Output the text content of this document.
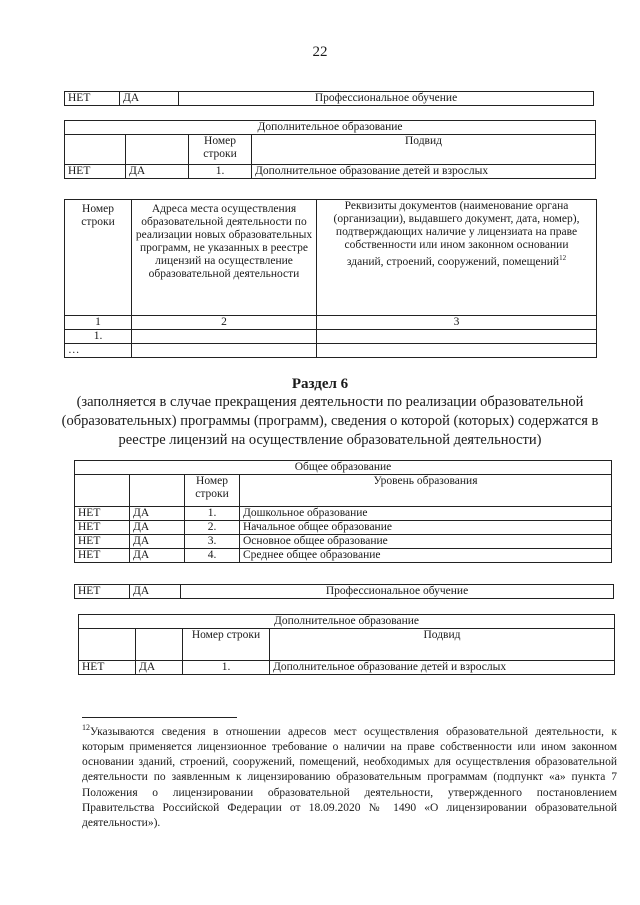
22
НЕТ	ДА	Профессиональное обучение
Дополнительное образование			
		Номер строки	Подвид
НЕТ	ДА	1.	Дополнительное образование детей и взрослых
Номер строки	Адреса места осуществления образовательной деятельности по реализации новых образовательных программ, не указанных в реестре лицензий на осуществление образовательной деятельности	Реквизиты документов (наименование органа (организации), выдавшего документ, дата, номер), подтверждающих наличие у лицензиата на праве собственности или ином законном основании зданий, строений, сооружений, помещений$^{12}$
1	2	3
1.		
…		
Раздел 6
(заполняется в случае прекращения деятельности по реализации образовательной (образовательных) программы (программ), сведения о которой (которых) содержатся в реестре лицензий на осуществление образовательной деятельности)
Общее образование			
		Номер строки	Уровень образования
НЕТ	ДА	1.	Дошкольное образование
НЕТ	ДА	2.	Начальное общее образование
НЕТ	ДА	3.	Основное общее образование
НЕТ	ДА	4.	Среднее общее образование
НЕТ	ДА	Профессиональное обучение
Дополнительное образование			
		Номер строки	Подвид
НЕТ	ДА	1.	Дополнительное образование детей и взрослых
$^{12}$Указываются сведения в отношении адресов мест осуществления образовательной деятельности, к которым применяется лицензионное требование о наличии на праве собственности или ином законном основании зданий, строений, сооружений, помещений, необходимых для осуществления образовательной деятельности по заявленным к лицензированию образовательным программам (подпункт «а» пункта 7 Положения о лицензировании образовательной деятельности, утвержденного постановлением Правительства Российской Федерации от 18.09.2020 № 1490 «О лицензировании образовательной деятельности»).
